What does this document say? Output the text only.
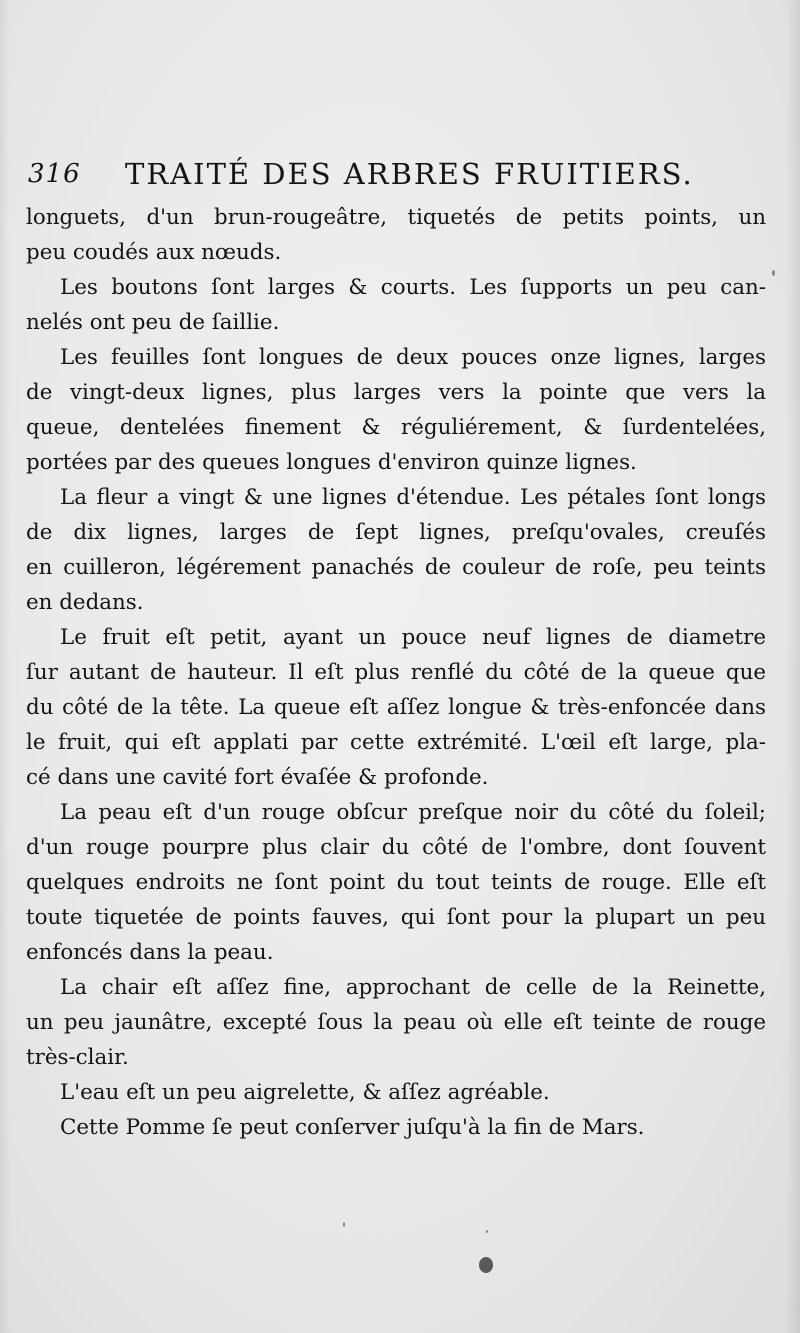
316 TRAITÉ DES ARBRES FRUITIERS.
longuets, d'un brun-rougeâtre, tiquetés de petits points, un
peu coudés aux nœuds.
Les boutons ſont larges & courts. Les ſupports un peu can-
nelés ont peu de ſaillie.
Les feuilles ſont longues de deux pouces onze lignes, larges
de vingt-deux lignes, plus larges vers la pointe que vers la
queue, dentelées finement & réguliérement, & ſurdentelées,
portées par des queues longues d'environ quinze lignes.
La fleur a vingt & une lignes d'étendue. Les pétales ſont longs
de dix lignes, larges de ſept lignes, preſqu'ovales, creuſés
en cuilleron, légérement panachés de couleur de roſe, peu teints
en dedans.
Le fruit eſt petit, ayant un pouce neuf lignes de diametre
ſur autant de hauteur. Il eſt plus renflé du côté de la queue que
du côté de la tête. La queue eſt aſſez longue & très-enfoncée dans
le fruit, qui eſt applati par cette extrémité. L'œil eſt large, pla-
cé dans une cavité fort évaſée & profonde.
La peau eſt d'un rouge obſcur preſque noir du côté du ſoleil;
d'un rouge pourpre plus clair du côté de l'ombre, dont ſouvent
quelques endroits ne ſont point du tout teints de rouge. Elle eſt
toute tiquetée de points fauves, qui ſont pour la plupart un peu
enfoncés dans la peau.
La chair eſt aſſez fine, approchant de celle de la Reinette,
un peu jaunâtre, excepté ſous la peau où elle eſt teinte de rouge
très-clair.
L'eau eſt un peu aigrelette, & aſſez agréable.
Cette Pomme ſe peut conſerver juſqu'à la fin de Mars.
